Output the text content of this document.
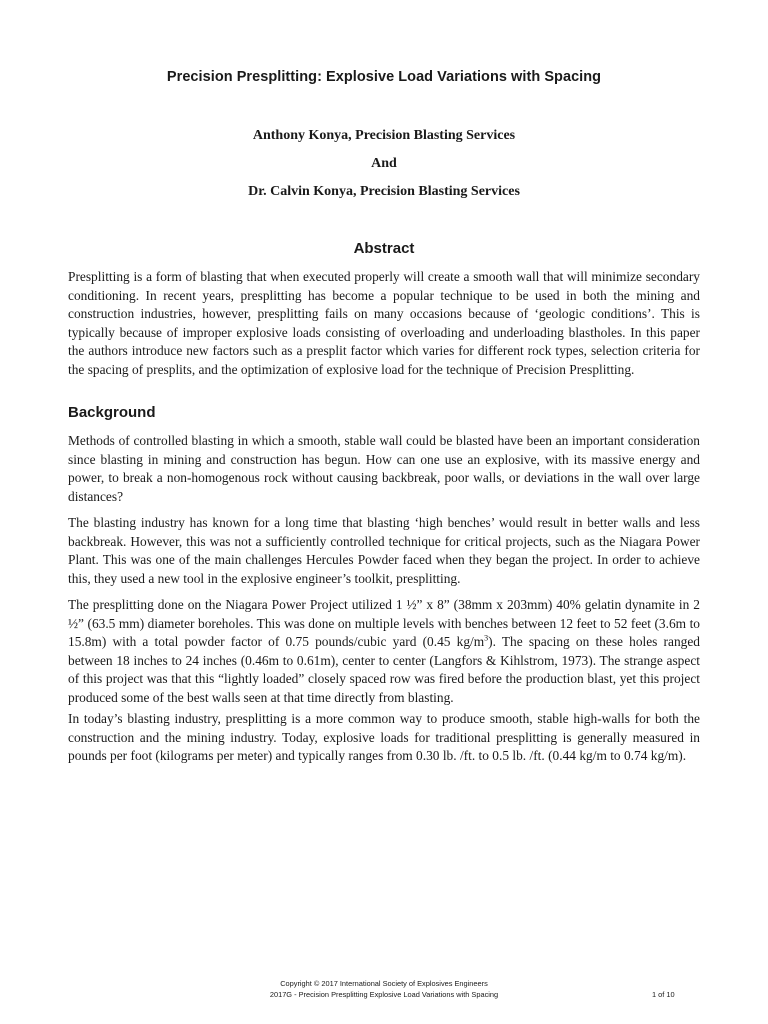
Precision Presplitting: Explosive Load Variations with Spacing
Anthony Konya, Precision Blasting Services
And
Dr. Calvin Konya, Precision Blasting Services
Abstract

Presplitting is a form of blasting that when executed properly will create a smooth wall that will minimize secondary conditioning. In recent years, presplitting has become a popular technique to be used in both the mining and construction industries, however, presplitting fails on many occasions because of ‘geologic conditions’. This is typically because of improper explosive loads consisting of overloading and underloading blastholes. In this paper the authors introduce new factors such as a presplit factor which varies for different rock types, selection criteria for the spacing of presplits, and the optimization of explosive load for the technique of Precision Presplitting.

Background

Methods of controlled blasting in which a smooth, stable wall could be blasted have been an important consideration since blasting in mining and construction has begun. How can one use an explosive, with its massive energy and power, to break a non-homogenous rock without causing backbreak, poor walls, or deviations in the wall over large distances?

The blasting industry has known for a long time that blasting ‘high benches’ would result in better walls and less backbreak. However, this was not a sufficiently controlled technique for critical projects, such as the Niagara Power Plant. This was one of the main challenges Hercules Powder faced when they began the project. In order to achieve this, they used a new tool in the explosive engineer’s toolkit, presplitting.

The presplitting done on the Niagara Power Project utilized 1 ½” x 8” (38mm x 203mm) 40% gelatin dynamite in 2 ½” (63.5 mm) diameter boreholes. This was done on multiple levels with benches between 12 feet to 52 feet (3.6m to 15.8m) with a total powder factor of 0.75 pounds/cubic yard (0.45 $kg/m^3$). The spacing on these holes ranged between 18 inches to 24 inches (0.46m to 0.61m), center to center (Langfors & Kihlstrom, 1973). The strange aspect of this project was that this “lightly loaded” closely spaced row was fired before the production blast, yet this project produced some of the best walls seen at that time directly from blasting.

In today’s blasting industry, presplitting is a more common way to produce smooth, stable high-walls for both the construction and the mining industry. Today, explosive loads for traditional presplitting is generally measured in pounds per foot (kilograms per meter) and typically ranges from 0.30 lb. /ft. to 0.5 lb. /ft. (0.44 kg/m to 0.74 kg/m).

Copyright © 2017 International Society of Explosives Engineers
2017G - Precision Presplitting Explosive Load Variations with Spacing	1 of 10
